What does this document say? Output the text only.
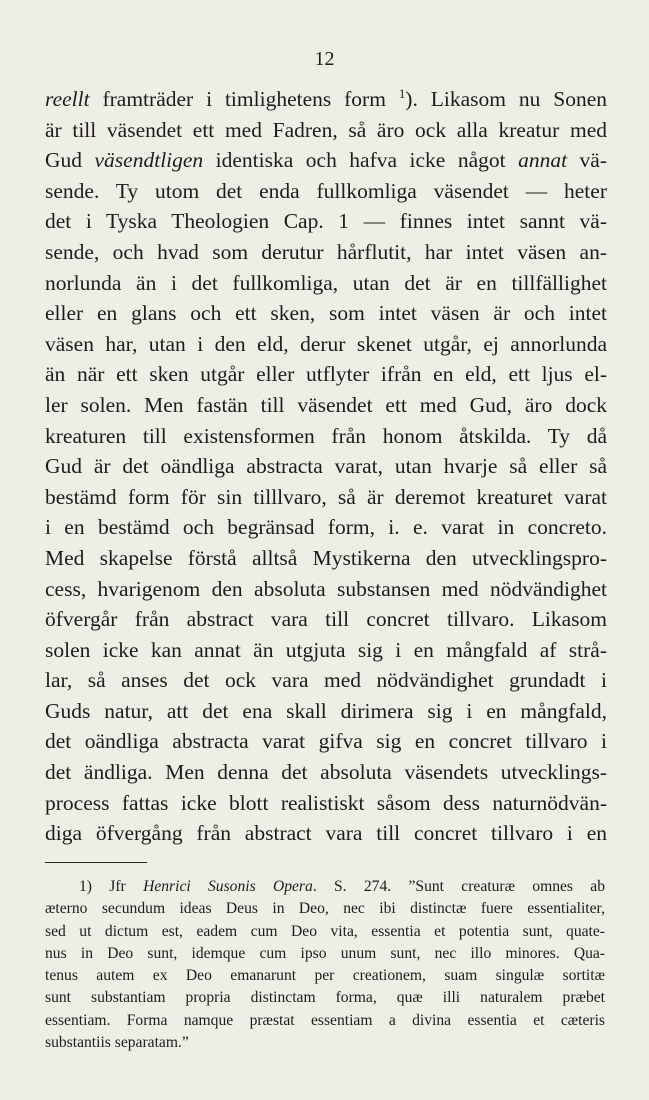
12
reellt framträder i timlighetens form $^1$). Likasom nu Sonen
är till väsendet ett med Fadren, så äro ock alla kreatur med
Gud väsendtligen identiska och hafva icke något annat vä-
sende. Ty utom det enda fullkomliga väsendet — heter
det i Tyska Theologien Cap. 1 — finnes intet sannt vä-
sende, och hvad som derutur hårflutit, har intet väsen an-
norlunda än i det fullkomliga, utan det är en tillfällighet
eller en glans och ett sken, som intet väsen är och intet
väsen har, utan i den eld, derur skenet utgår, ej annorlunda
än när ett sken utgår eller utflyter ifrån en eld, ett ljus el-
ler solen. Men fastän till väsendet ett med Gud, äro dock
kreaturen till existensformen från honom åtskilda. Ty då
Gud är det oändliga abstracta varat, utan hvarje så eller så
bestämd form för sin tilllvaro, så är deremot kreaturet varat
i en bestämd och begränsad form, i. e. varat in concreto.
Med skapelse förstå alltså Mystikerna den utvecklingspro-
cess, hvarigenom den absoluta substansen med nödvändighet
öfvergår från abstract vara till concret tillvaro. Likasom
solen icke kan annat än utgjuta sig i en mångfald af strå-
lar, så anses det ock vara med nödvändighet grundadt i
Guds natur, att det ena skall dirimera sig i en mångfald,
det oändliga abstracta varat gifva sig en concret tillvaro i
det ändliga. Men denna det absoluta väsendets utvecklings-
process fattas icke blott realistiskt såsom dess naturnödvän-
diga öfvergång från abstract vara till concret tillvaro i en
1) Jfr Henrici Susonis Opera. S. 274. ”Sunt creaturæ omnes ab
æterno secundum ideas Deus in Deo, nec ibi distinctæ fuere essentialiter,
sed ut dictum est, eadem cum Deo vita, essentia et potentia sunt, quate-
nus in Deo sunt, idemque cum ipso unum sunt, nec illo minores. Qua-
tenus autem ex Deo emanarunt per creationem, suam singulæ sortitæ
sunt substantiam propria distinctam forma, quæ illi naturalem præbet
essentiam. Forma namque præstat essentiam a divina essentia et cæteris
substantiis separatam.”
